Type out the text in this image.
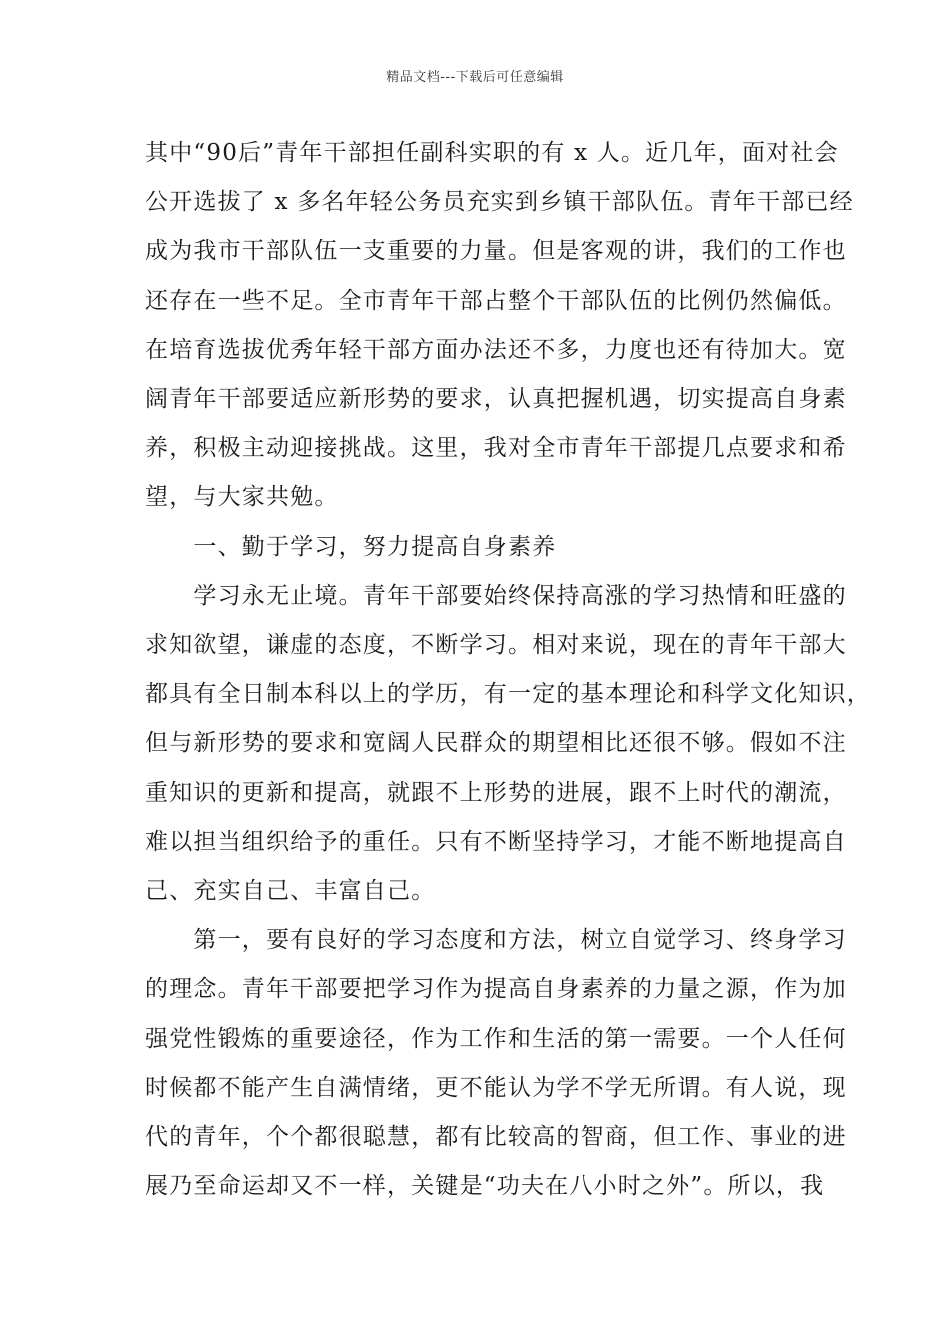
精品文档---下载后可任意编辑
其中“90后”青年干部担任副科实职的有 x 人。近几年，面对社会
公开选拔了 x 多名年轻公务员充实到乡镇干部队伍。青年干部已经
成为我市干部队伍一支重要的力量。但是客观的讲，我们的工作也
还存在一些不足。全市青年干部占整个干部队伍的比例仍然偏低。
在培育选拔优秀年轻干部方面办法还不多，力度也还有待加大。宽
阔青年干部要适应新形势的要求，认真把握机遇，切实提高自身素
养，积极主动迎接挑战。这里，我对全市青年干部提几点要求和希
望，与大家共勉。
　　一、勤于学习，努力提高自身素养
　　学习永无止境。青年干部要始终保持高涨的学习热情和旺盛的
求知欲望，谦虚的态度，不断学习。相对来说，现在的青年干部大
都具有全日制本科以上的学历，有一定的基本理论和科学文化知识，
但与新形势的要求和宽阔人民群众的期望相比还很不够。假如不注
重知识的更新和提高，就跟不上形势的进展，跟不上时代的潮流，
难以担当组织给予的重任。只有不断坚持学习，才能不断地提高自
己、充实自己、丰富自己。
　　第一，要有良好的学习态度和方法，树立自觉学习、终身学习
的理念。青年干部要把学习作为提高自身素养的力量之源，作为加
强党性锻炼的重要途径，作为工作和生活的第一需要。一个人任何
时候都不能产生自满情绪，更不能认为学不学无所谓。有人说，现
代的青年，个个都很聪慧，都有比较高的智商，但工作、事业的进
展乃至命运却又不一样，关键是“功夫在八小时之外”。所以，我
